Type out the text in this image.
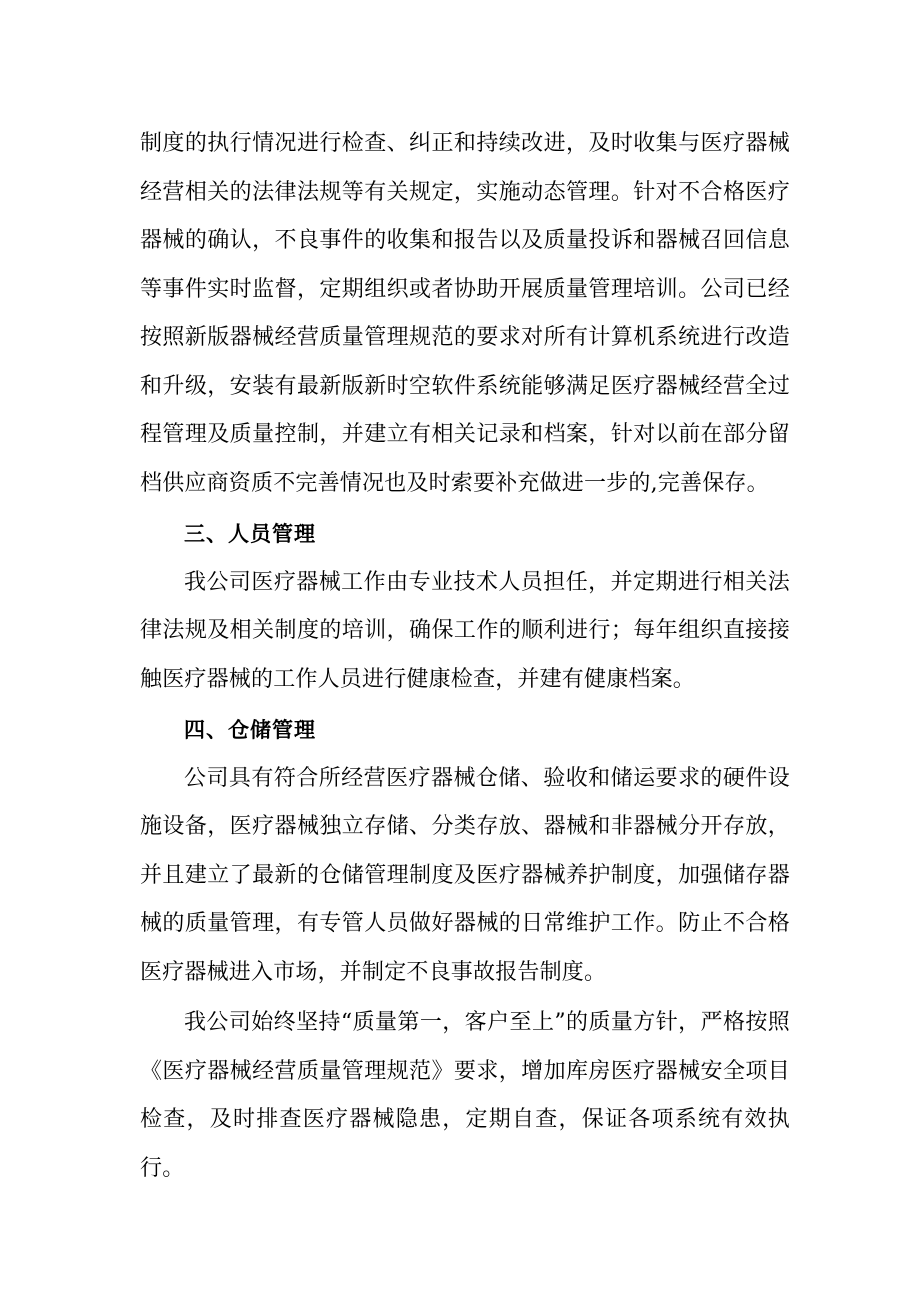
制度的执行情况进行检查、纠正和持续改进，及时收集与医疗器械经营相关的法律法规等有关规定，实施动态管理。针对不合格医疗器械的确认，不良事件的收集和报告以及质量投诉和器械召回信息等事件实时监督，定期组织或者协助开展质量管理培训。公司已经按照新版器械经营质量管理规范的要求对所有计算机系统进行改造和升级，安装有最新版新时空软件系统能够满足医疗器械经营全过程管理及质量控制，并建立有相关记录和档案，针对以前在部分留档供应商资质不完善情况也及时索要补充做进一步的,完善保存。

三、人员管理

我公司医疗器械工作由专业技术人员担任，并定期进行相关法律法规及相关制度的培训，确保工作的顺利进行；每年组织直接接触医疗器械的工作人员进行健康检查，并建有健康档案。

四、仓储管理

公司具有符合所经营医疗器械仓储、验收和储运要求的硬件设施设备，医疗器械独立存储、分类存放、器械和非器械分开存放，并且建立了最新的仓储管理制度及医疗器械养护制度，加强储存器械的质量管理，有专管人员做好器械的日常维护工作。防止不合格医疗器械进入市场，并制定不良事故报告制度。

我公司始终坚持“质量第一，客户至上”的质量方针，严格按照《医疗器械经营质量管理规范》要求，增加库房医疗器械安全项目检查，及时排查医疗器械隐患，定期自查，保证各项系统有效执行。
